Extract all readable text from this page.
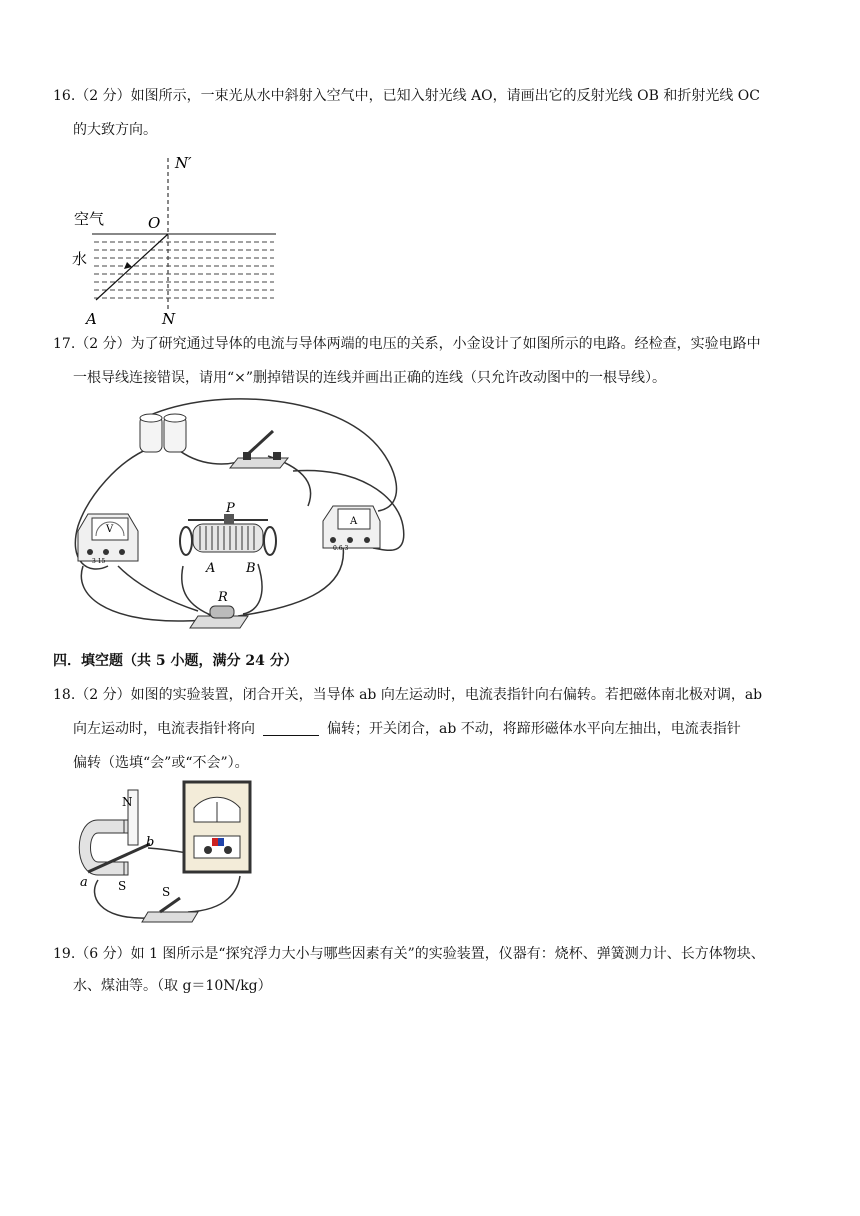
16.（2 分）如图所示，一束光从水中斜射入空气中，已知入射光线 AO，请画出它的反射光线 OB 和折射光线 OC
的大致方向。
N′
O
空气
水
A	N
17.（2 分）为了研究通过导体的电流与导体两端的电压的关系，小金设计了如图所示的电路。经检查，实验电路中
一根导线连接错误，请用“×”删掉错误的连线并画出正确的连线（只允许改动图中的一根导线）。
V
3 15
P
A B
A
0.6 3
R
四．填空题（共 5 小题，满分 24 分）
18.（2 分）如图的实验装置，闭合开关，当导体 ab 向左运动时，电流表指针向右偏转。若把磁体南北极对调，ab
向左运动时，电流表指针将向	偏转；开关闭合，ab 不动，将蹄形磁体水平向左抽出，电流表指针
偏转（选填“会”或“不会”）。
N
S
a
b
S
19.（6 分）如 1 图所示是“探究浮力大小与哪些因素有关”的实验装置，仪器有：烧杯、弹簧测力计、长方体物块、
水、煤油等。（取 g＝10N/kg）
